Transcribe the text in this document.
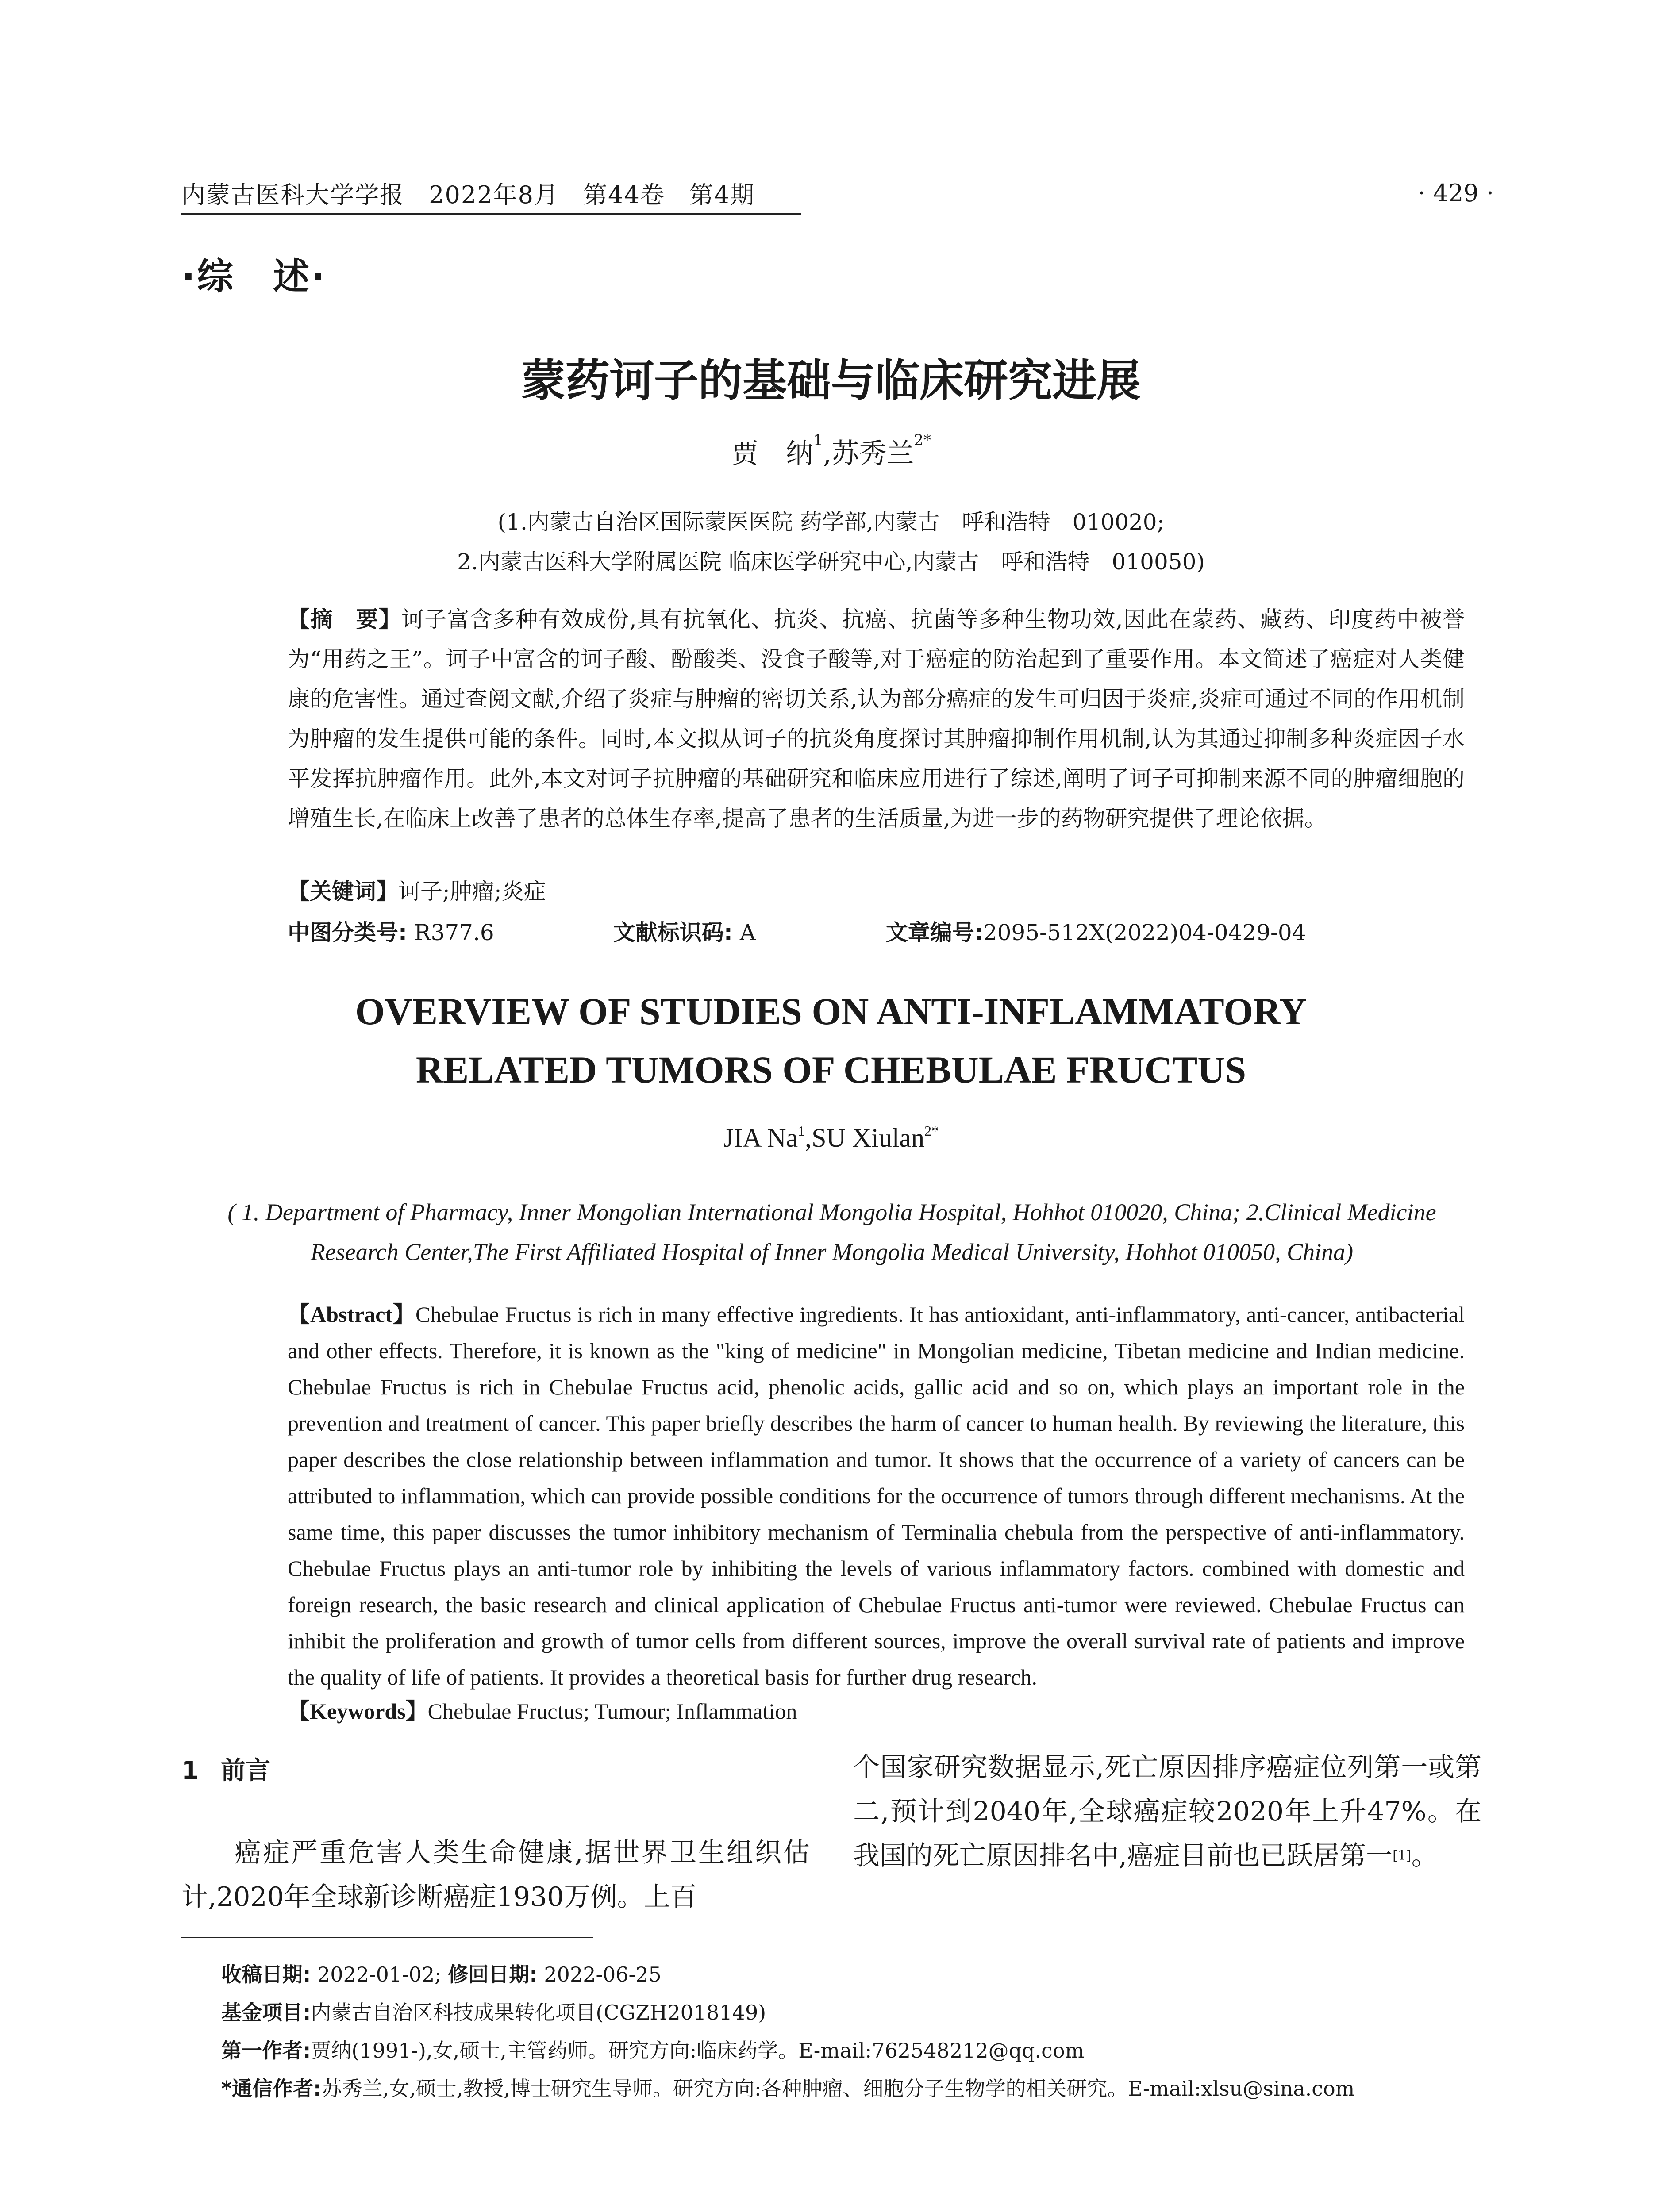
内蒙古医科大学学报 2022年8月 第44卷 第4期	· 429 ·
·综　述·
蒙药诃子的基础与临床研究进展
贾　纳$^1$,苏秀兰$^{2*}$
(1.内蒙古自治区国际蒙医医院 药学部,内蒙古　呼和浩特　010020;
2.内蒙古医科大学附属医院 临床医学研究中心,内蒙古　呼和浩特　010050)
【摘　要】诃子富含多种有效成份,具有抗氧化、抗炎、抗癌、抗菌等多种生物功效,因此在蒙药、藏药、印度药中被誉为“用药之王”。诃子中富含的诃子酸、酚酸类、没食子酸等,对于癌症的防治起到了重要作用。本文简述了癌症对人类健康的危害性。通过查阅文献,介绍了炎症与肿瘤的密切关系,认为部分癌症的发生可归因于炎症,炎症可通过不同的作用机制为肿瘤的发生提供可能的条件。同时,本文拟从诃子的抗炎角度探讨其肿瘤抑制作用机制,认为其通过抑制多种炎症因子水平发挥抗肿瘤作用。此外,本文对诃子抗肿瘤的基础研究和临床应用进行了综述,阐明了诃子可抑制来源不同的肿瘤细胞的增殖生长,在临床上改善了患者的总体生存率,提高了患者的生活质量,为进一步的药物研究提供了理论依据。
【关键词】诃子;肿瘤;炎症
中图分类号: R377.6	文献标识码: A	文章编号:2095-512X(2022)04-0429-04
OVERVIEW OF STUDIES ON ANTI-INFLAMMATORY
RELATED TUMORS OF CHEBULAE FRUCTUS
JIA Na$^1$,SU Xiulan$^{2*}$
( 1. Department of Pharmacy, Inner Mongolian International Mongolia Hospital, Hohhot 010020, China; 2.Clinical Medicine
Research Center,The First Affiliated Hospital of Inner Mongolia Medical University, Hohhot 010050, China)
【Abstract】Chebulae Fructus is rich in many effective ingredients. It has antioxidant, anti-inflammatory, anti-cancer, antibacterial and other effects. Therefore, it is known as the "king of medicine" in Mongolian medicine, Tibetan medicine and Indian medicine. Chebulae Fructus is rich in Chebulae Fructus acid, phenolic acids, gallic acid and so on, which plays an important role in the prevention and treatment of cancer. This paper briefly describes the harm of cancer to human health. By reviewing the literature, this paper describes the close relationship between inflammation and tumor. It shows that the occurrence of a variety of cancers can be attributed to inflammation, which can provide possible conditions for the occurrence of tumors through different mechanisms. At the same time, this paper discusses the tumor inhibitory mechanism of Terminalia chebula from the perspective of anti-inflammatory. Chebulae Fructus plays an anti-tumor role by inhibiting the levels of various inflammatory factors. combined with domestic and foreign research, the basic research and clinical application of Chebulae Fructus anti-tumor were reviewed. Chebulae Fructus can inhibit the proliferation and growth of tumor cells from different sources, improve the overall survival rate of patients and improve the quality of life of patients. It provides a theoretical basis for further drug research.
【Keywords】Chebulae Fructus; Tumour; Inflammation
1 前言
癌症严重危害人类生命健康,据世界卫生组织估计,2020年全球新诊断癌症1930万例。上百
个国家研究数据显示,死亡原因排序癌症位列第一或第二,预计到2040年,全球癌症较2020年上升47%。在我国的死亡原因排名中,癌症目前也已跃居第一[1]。
收稿日期: 2022-01-02; 修回日期: 2022-06-25
基金项目:内蒙古自治区科技成果转化项目(CGZH2018149)
第一作者:贾纳(1991-),女,硕士,主管药师。研究方向:临床药学。E-mail:762548212@qq.com
*通信作者:苏秀兰,女,硕士,教授,博士研究生导师。研究方向:各种肿瘤、细胞分子生物学的相关研究。E-mail:xlsu@sina.com
